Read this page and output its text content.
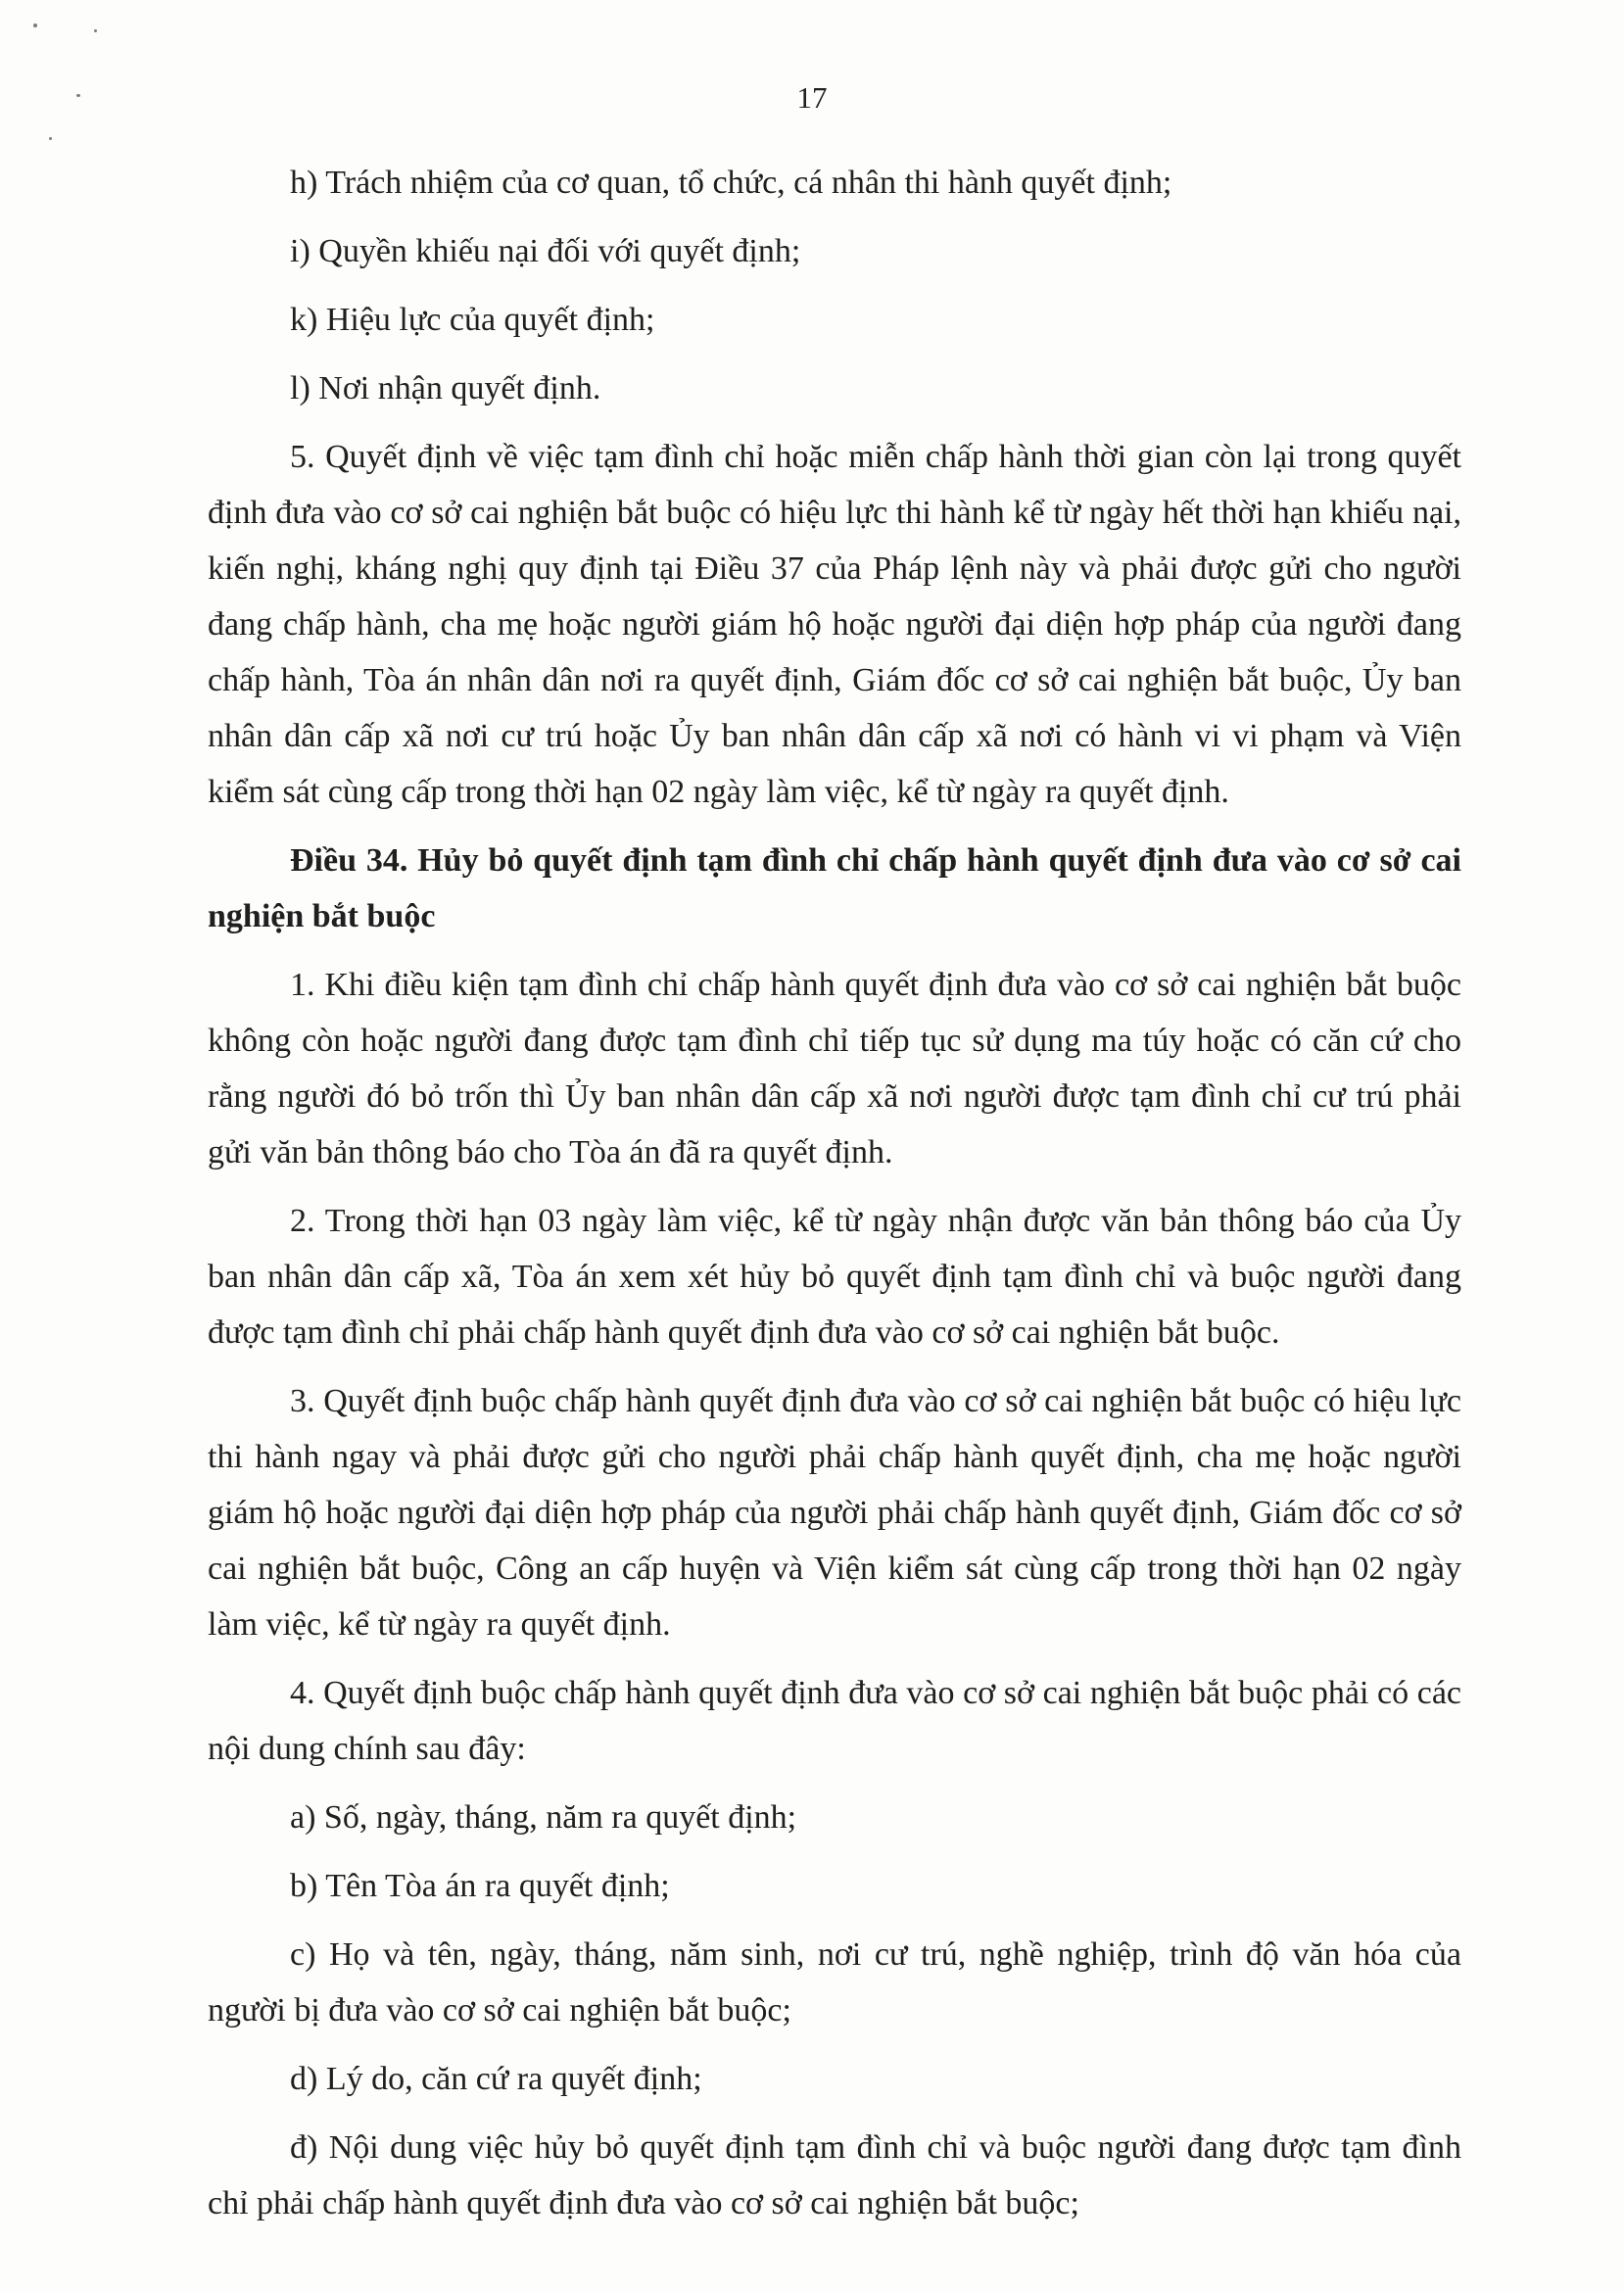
17

h) Trách nhiệm của cơ quan, tổ chức, cá nhân thi hành quyết định;

i) Quyền khiếu nại đối với quyết định;

k) Hiệu lực của quyết định;

l) Nơi nhận quyết định.

5. Quyết định về việc tạm đình chỉ hoặc miễn chấp hành thời gian còn lại trong quyết định đưa vào cơ sở cai nghiện bắt buộc có hiệu lực thi hành kể từ ngày hết thời hạn khiếu nại, kiến nghị, kháng nghị quy định tại Điều 37 của Pháp lệnh này và phải được gửi cho người đang chấp hành, cha mẹ hoặc người giám hộ hoặc người đại diện hợp pháp của người đang chấp hành, Tòa án nhân dân nơi ra quyết định, Giám đốc cơ sở cai nghiện bắt buộc, Ủy ban nhân dân cấp xã nơi cư trú hoặc Ủy ban nhân dân cấp xã nơi có hành vi vi phạm và Viện kiểm sát cùng cấp trong thời hạn 02 ngày làm việc, kể từ ngày ra quyết định.

Điều 34. Hủy bỏ quyết định tạm đình chỉ chấp hành quyết định đưa vào cơ sở cai nghiện bắt buộc

1. Khi điều kiện tạm đình chỉ chấp hành quyết định đưa vào cơ sở cai nghiện bắt buộc không còn hoặc người đang được tạm đình chỉ tiếp tục sử dụng ma túy hoặc có căn cứ cho rằng người đó bỏ trốn thì Ủy ban nhân dân cấp xã nơi người được tạm đình chỉ cư trú phải gửi văn bản thông báo cho Tòa án đã ra quyết định.

2. Trong thời hạn 03 ngày làm việc, kể từ ngày nhận được văn bản thông báo của Ủy ban nhân dân cấp xã, Tòa án xem xét hủy bỏ quyết định tạm đình chỉ và buộc người đang được tạm đình chỉ phải chấp hành quyết định đưa vào cơ sở cai nghiện bắt buộc.

3. Quyết định buộc chấp hành quyết định đưa vào cơ sở cai nghiện bắt buộc có hiệu lực thi hành ngay và phải được gửi cho người phải chấp hành quyết định, cha mẹ hoặc người giám hộ hoặc người đại diện hợp pháp của người phải chấp hành quyết định, Giám đốc cơ sở cai nghiện bắt buộc, Công an cấp huyện và Viện kiểm sát cùng cấp trong thời hạn 02 ngày làm việc, kể từ ngày ra quyết định.

4. Quyết định buộc chấp hành quyết định đưa vào cơ sở cai nghiện bắt buộc phải có các nội dung chính sau đây:

a) Số, ngày, tháng, năm ra quyết định;

b) Tên Tòa án ra quyết định;

c) Họ và tên, ngày, tháng, năm sinh, nơi cư trú, nghề nghiệp, trình độ văn hóa của người bị đưa vào cơ sở cai nghiện bắt buộc;

d) Lý do, căn cứ ra quyết định;

đ) Nội dung việc hủy bỏ quyết định tạm đình chỉ và buộc người đang được tạm đình chỉ phải chấp hành quyết định đưa vào cơ sở cai nghiện bắt buộc;
